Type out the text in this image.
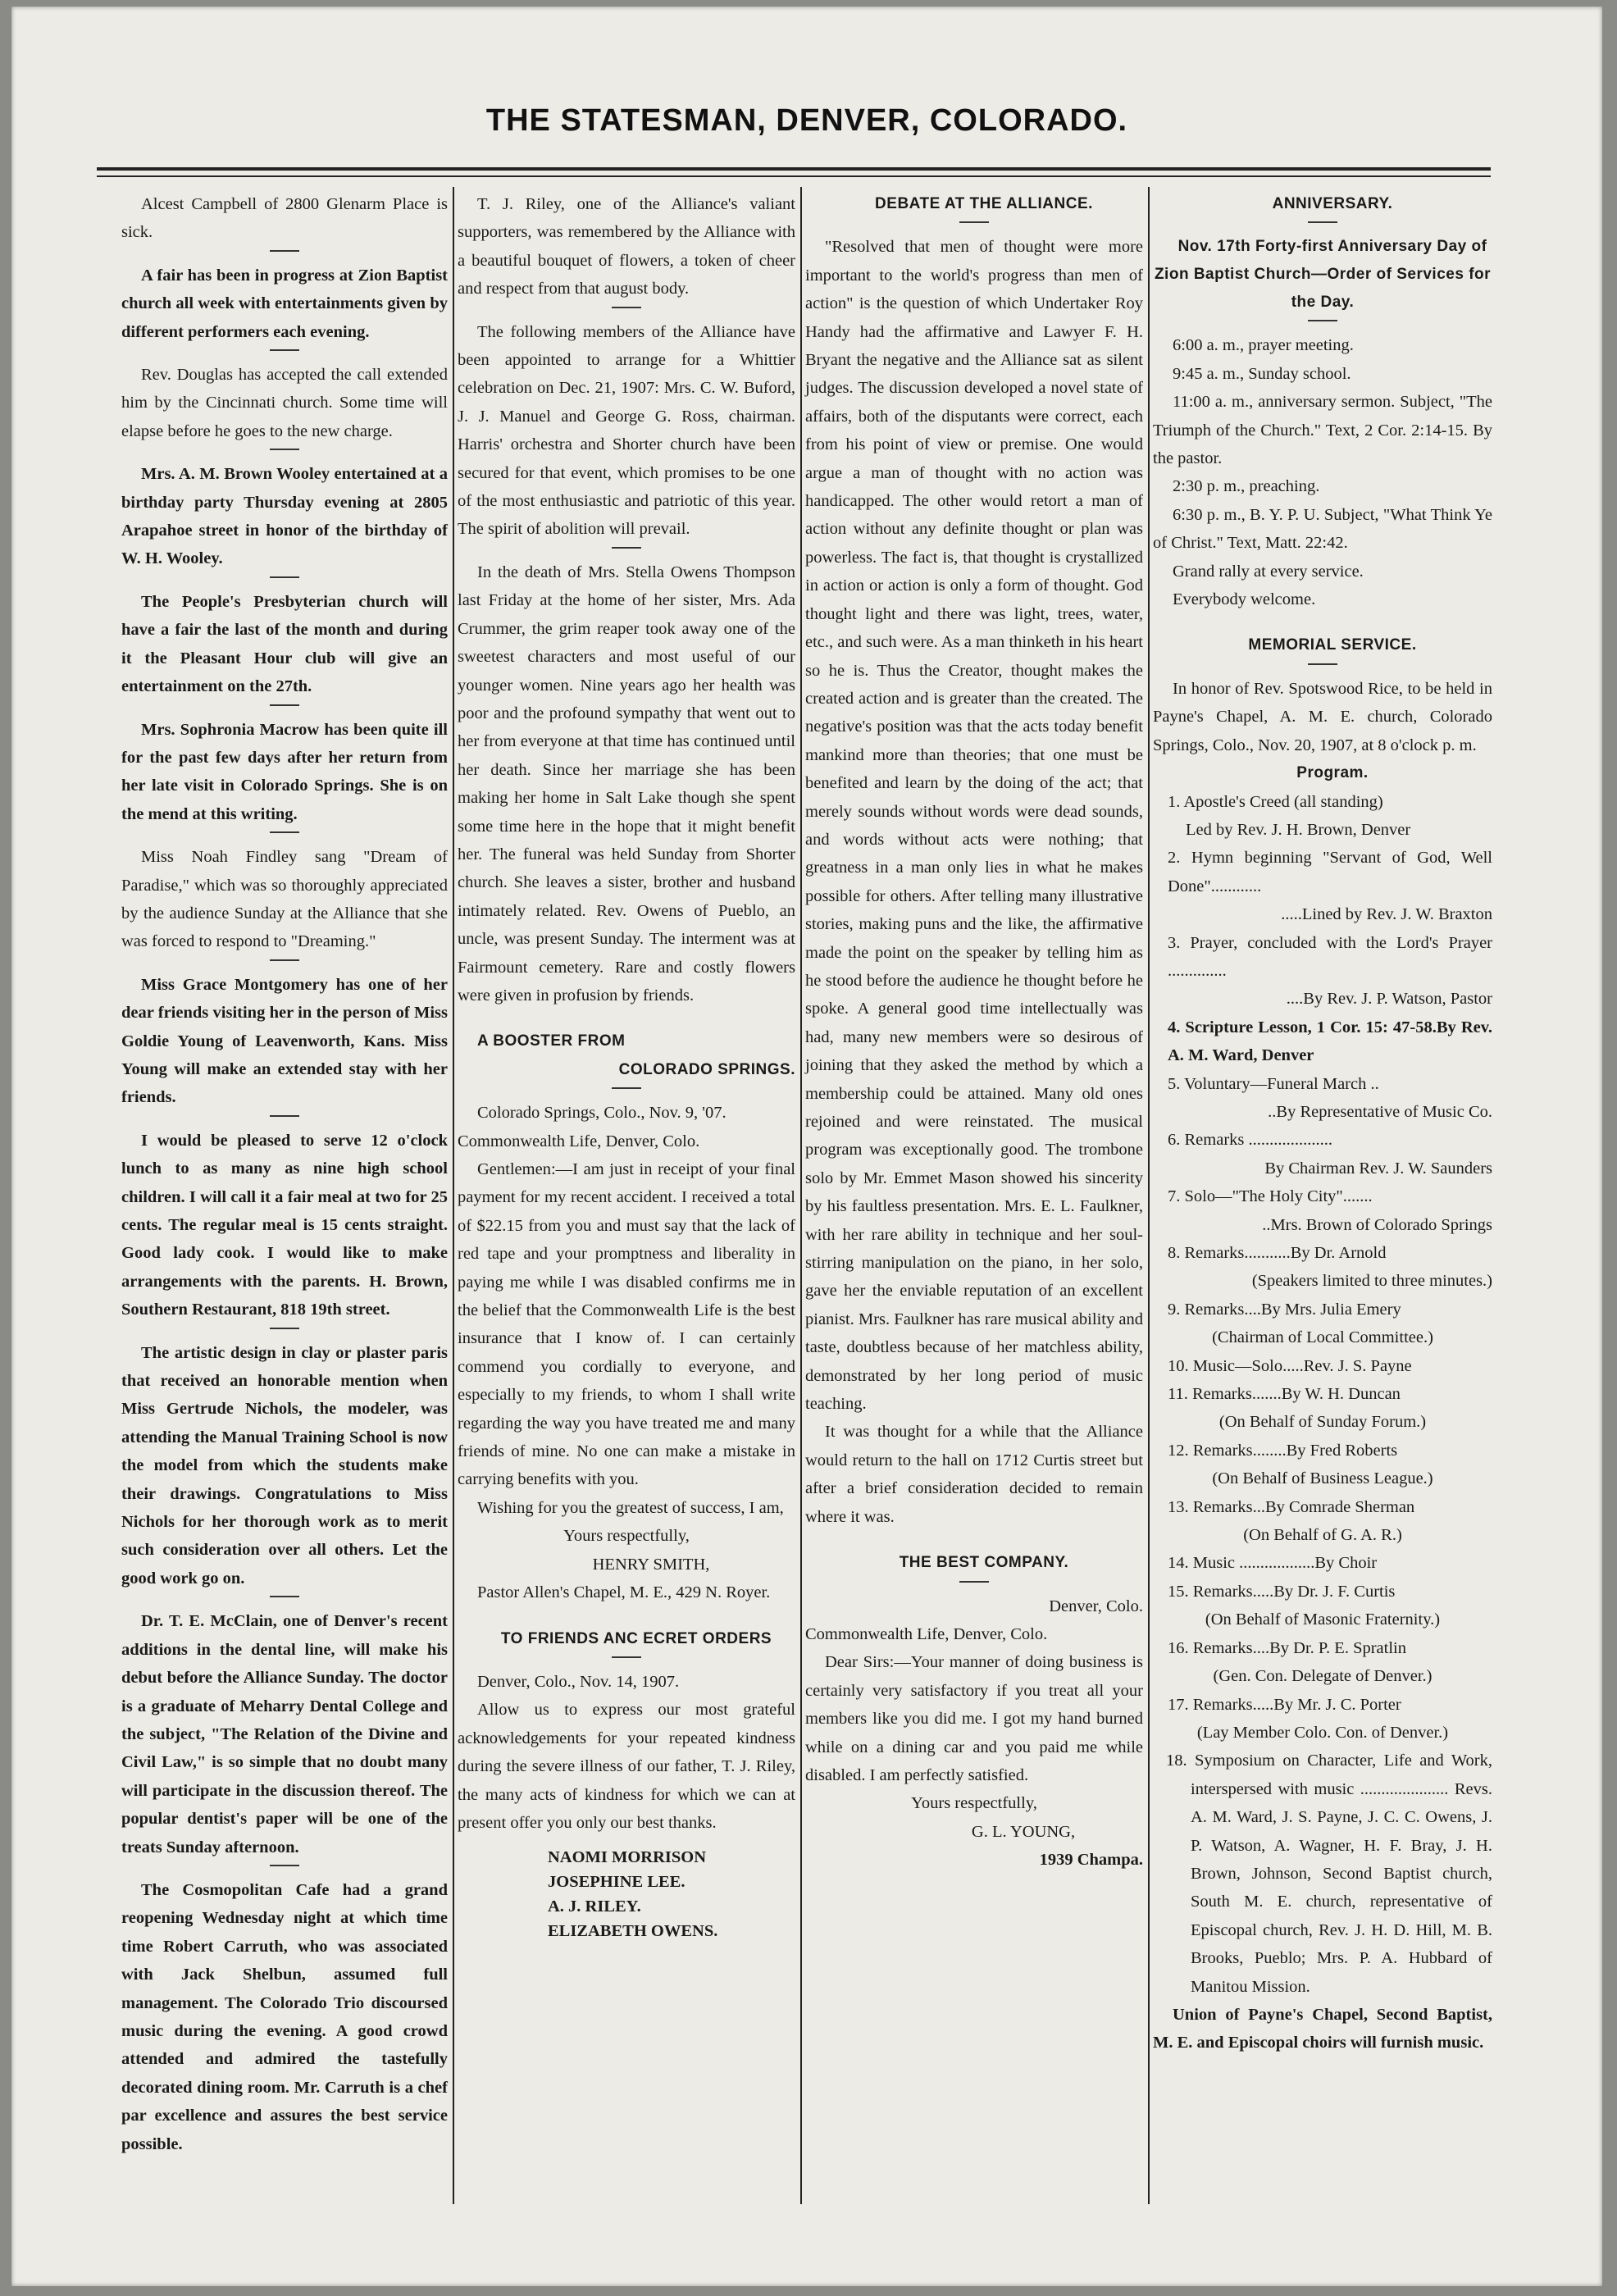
THE STATESMAN, DENVER, COLORADO.

Alcest Campbell of 2800 Glenarm Place is sick.

A fair has been in progress at Zion Baptist church all week with entertainments given by different performers each evening.

Rev. Douglas has accepted the call extended him by the Cincinnati church. Some time will elapse before he goes to the new charge.

Mrs. A. M. Brown Wooley entertained at a birthday party Thursday evening at 2805 Arapahoe street in honor of the birthday of W. H. Wooley.

The People's Presbyterian church will have a fair the last of the month and during it the Pleasant Hour club will give an entertainment on the 27th.

Mrs. Sophronia Macrow has been quite ill for the past few days after her return from her late visit in Colorado Springs. She is on the mend at this writing.

Miss Noah Findley sang "Dream of Paradise," which was so thoroughly appreciated by the audience Sunday at the Alliance that she was forced to respond to "Dreaming."

Miss Grace Montgomery has one of her dear friends visiting her in the person of Miss Goldie Young of Leavenworth, Kans. Miss Young will make an extended stay with her friends.

I would be pleased to serve 12 o'clock lunch to as many as nine high school children. I will call it a fair meal at two for 25 cents. The regular meal is 15 cents straight. Good lady cook. I would like to make arrangements with the parents. H. Brown, Southern Restaurant, 818 19th street.

The artistic design in clay or plaster paris that received an honorable mention when Miss Gertrude Nichols, the modeler, was attending the Manual Training School is now the model from which the students make their drawings. Congratulations to Miss Nichols for her thorough work as to merit such consideration over all others. Let the good work go on.

Dr. T. E. McClain, one of Denver's recent additions in the dental line, will make his debut before the Alliance Sunday. The doctor is a graduate of Meharry Dental College and the subject, "The Relation of the Divine and Civil Law," is so simple that no doubt many will participate in the discussion thereof. The popular dentist's paper will be one of the treats Sunday afternoon.

The Cosmopolitan Cafe had a grand reopening Wednesday night at which time time Robert Carruth, who was associated with Jack Shelbun, assumed full management. The Colorado Trio discoursed music during the evening. A good crowd attended and admired the tastefully decorated dining room. Mr. Carruth is a chef par excellence and assures the best service possible.

T. J. Riley, one of the Alliance's valiant supporters, was remembered by the Alliance with a beautiful bouquet of flowers, a token of cheer and respect from that august body.

The following members of the Alliance have been appointed to arrange for a Whittier celebration on Dec. 21, 1907: Mrs. C. W. Buford, J. J. Manuel and George G. Ross, chairman. Harris' orchestra and Shorter church have been secured for that event, which promises to be one of the most enthusiastic and patriotic of this year. The spirit of abolition will prevail.

In the death of Mrs. Stella Owens Thompson last Friday at the home of her sister, Mrs. Ada Crummer, the grim reaper took away one of the sweetest characters and most useful of our younger women. Nine years ago her health was poor and the profound sympathy that went out to her from everyone at that time has continued until her death. Since her marriage she has been making her home in Salt Lake though she spent some time here in the hope that it might benefit her. The funeral was held Sunday from Shorter church. She leaves a sister, brother and husband intimately related. Rev. Owens of Pueblo, an uncle, was present Sunday. The interment was at Fairmount cemetery. Rare and costly flowers were given in profusion by friends.

A BOOSTER FROM

COLORADO SPRINGS.

Colorado Springs, Colo., Nov. 9, '07.

Commonwealth Life, Denver, Colo.

Gentlemen:—I am just in receipt of your final payment for my recent accident. I received a total of $22.15 from you and must say that the lack of red tape and your promptness and liberality in paying me while I was disabled confirms me in the belief that the Commonwealth Life is the best insurance that I know of. I can certainly commend you cordially to everyone, and especially to my friends, to whom I shall write regarding the way you have treated me and many friends of mine. No one can make a mistake in carrying benefits with you.

Wishing for you the greatest of success, I am,

Yours respectfully,

HENRY SMITH,

Pastor Allen's Chapel, M. E., 429 N. Royer.

TO FRIENDS ANC ECRET ORDERS

Denver, Colo., Nov. 14, 1907.

Allow us to express our most grateful acknowledgements for your repeated kindness during the severe illness of our father, T. J. Riley, the many acts of kindness for which we can at present offer you only our best thanks.

NAOMI MORRISON

JOSEPHINE LEE.

A. J. RILEY.

ELIZABETH OWENS.

DEBATE AT THE ALLIANCE.

"Resolved that men of thought were more important to the world's progress than men of action" is the question of which Undertaker Roy Handy had the affirmative and Lawyer F. H. Bryant the negative and the Alliance sat as silent judges. The discussion developed a novel state of affairs, both of the disputants were correct, each from his point of view or premise. One would argue a man of thought with no action was handicapped. The other would retort a man of action without any definite thought or plan was powerless. The fact is, that thought is crystallized in action or action is only a form of thought. God thought light and there was light, trees, water, etc., and such were. As a man thinketh in his heart so he is. Thus the Creator, thought makes the created action and is greater than the created. The negative's position was that the acts today benefit mankind more than theories; that one must be benefited and learn by the doing of the act; that merely sounds without words were dead sounds, and words without acts were nothing; that greatness in a man only lies in what he makes possible for others. After telling many illustrative stories, making puns and the like, the affirmative made the point on the speaker by telling him as he stood before the audience he thought before he spoke. A general good time intellectually was had, many new members were so desirous of joining that they asked the method by which a membership could be attained. Many old ones rejoined and were reinstated. The musical program was exceptionally good. The trombone solo by Mr. Emmet Mason showed his sincerity by his faultless presentation. Mrs. E. L. Faulkner, with her rare ability in technique and her soul-stirring manipulation on the piano, in her solo, gave her the enviable reputation of an excellent pianist. Mrs. Faulkner has rare musical ability and taste, doubtless because of her matchless ability, demonstrated by her long period of music teaching.

It was thought for a while that the Alliance would return to the hall on 1712 Curtis street but after a brief consideration decided to remain where it was.

THE BEST COMPANY.

Denver, Colo.

Commonwealth Life, Denver, Colo.

Dear Sirs:—Your manner of doing business is certainly very satisfactory if you treat all your members like you did me. I got my hand burned while on a dining car and you paid me while disabled. I am perfectly satisfied.

Yours respectfully,

G. L. YOUNG,

1939 Champa.

ANNIVERSARY.

Nov. 17th Forty-first Anniversary Day of Zion Baptist Church—Order of Services for the Day.

6:00 a. m., prayer meeting.

9:45 a. m., Sunday school.

11:00 a. m., anniversary sermon. Subject, "The Triumph of the Church." Text, 2 Cor. 2:14-15. By the pastor.

2:30 p. m., preaching.

6:30 p. m., B. Y. P. U. Subject, "What Think Ye of Christ." Text, Matt. 22:42.

Grand rally at every service.

Everybody welcome.

MEMORIAL SERVICE.

In honor of Rev. Spotswood Rice, to be held in Payne's Chapel, A. M. E. church, Colorado Springs, Colo., Nov. 20, 1907, at 8 o'clock p. m.

Program.

1. Apostle's Creed (all standing)

Led by Rev. J. H. Brown, Denver

2. Hymn beginning "Servant of God, Well Done"............

.....Lined by Rev. J. W. Braxton

3. Prayer, concluded with the Lord's Prayer ..............

....By Rev. J. P. Watson, Pastor

4. Scripture Lesson, 1 Cor. 15: 47-58.By Rev. A. M. Ward, Denver

5. Voluntary—Funeral March ..

..By Representative of Music Co.

6. Remarks ....................

By Chairman Rev. J. W. Saunders

7. Solo—"The Holy City".......

..Mrs. Brown of Colorado Springs

8. Remarks...........By Dr. Arnold

(Speakers limited to three minutes.)

9. Remarks....By Mrs. Julia Emery

(Chairman of Local Committee.)

10. Music—Solo.....Rev. J. S. Payne

11. Remarks.......By W. H. Duncan

(On Behalf of Sunday Forum.)

12. Remarks........By Fred Roberts

(On Behalf of Business League.)

13. Remarks...By Comrade Sherman

(On Behalf of G. A. R.)

14. Music ..................By Choir

15. Remarks.....By Dr. J. F. Curtis

(On Behalf of Masonic Fraternity.)

16. Remarks....By Dr. P. E. Spratlin

(Gen. Con. Delegate of Denver.)

17. Remarks.....By Mr. J. C. Porter

(Lay Member Colo. Con. of Denver.)

18. Symposium on Character, Life and Work, interspersed with music ..................... Revs. A. M. Ward, J. S. Payne, J. C. C. Owens, J. P. Watson, A. Wagner, H. F. Bray, J. H. Brown, Johnson, Second Baptist church, South M. E. church, representative of Episcopal church, Rev. J. H. D. Hill, M. B. Brooks, Pueblo; Mrs. P. A. Hubbard of Manitou Mission.

Union of Payne's Chapel, Second Baptist, M. E. and Episcopal choirs will furnish music.
